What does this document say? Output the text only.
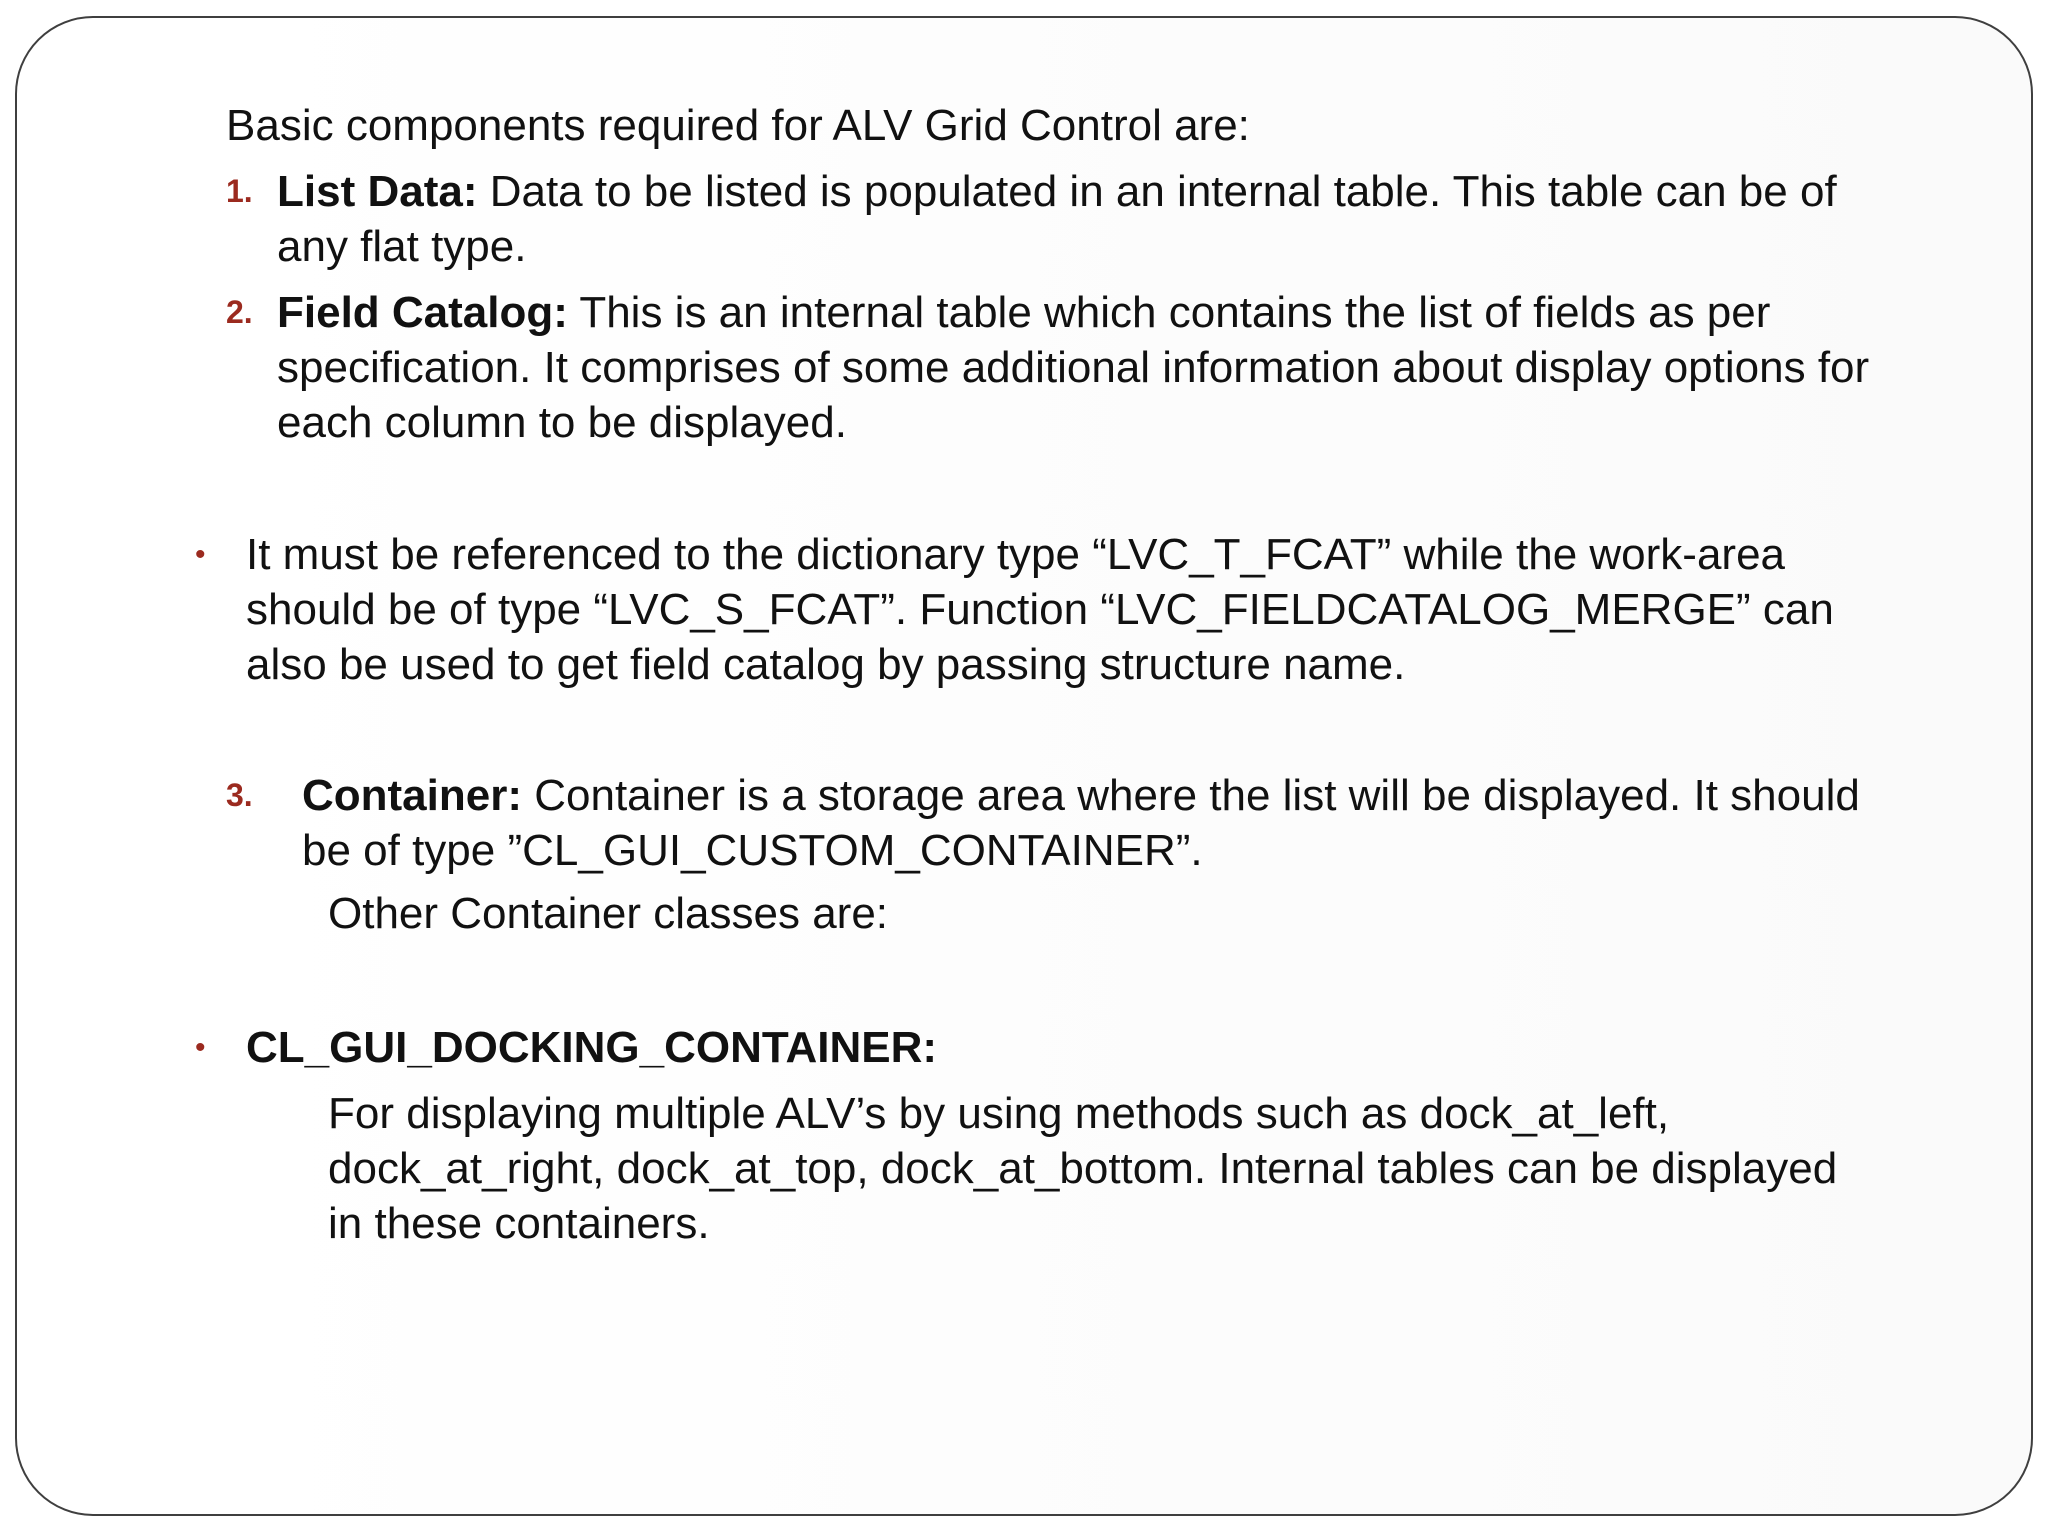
Basic components required for ALV Grid Control are:
1. List Data: Data to be listed is populated in an internal table. This table can be of
any flat type.
2. Field Catalog: This is an internal table which contains the list of fields as per
specification. It comprises of some additional information about display options for
each column to be displayed.
• It must be referenced to the dictionary type “LVC_T_FCAT” while the work-area
should be of type “LVC_S_FCAT”. Function “LVC_FIELDCATALOG_MERGE” can
also be used to get field catalog by passing structure name.
3. Container: Container is a storage area where the list will be displayed. It should
be of type ”CL_GUI_CUSTOM_CONTAINER”.
Other Container classes are:
• CL_GUI_DOCKING_CONTAINER:
For displaying multiple ALV’s by using methods such as dock_at_left,
dock_at_right, dock_at_top, dock_at_bottom. Internal tables can be displayed
in these containers.
